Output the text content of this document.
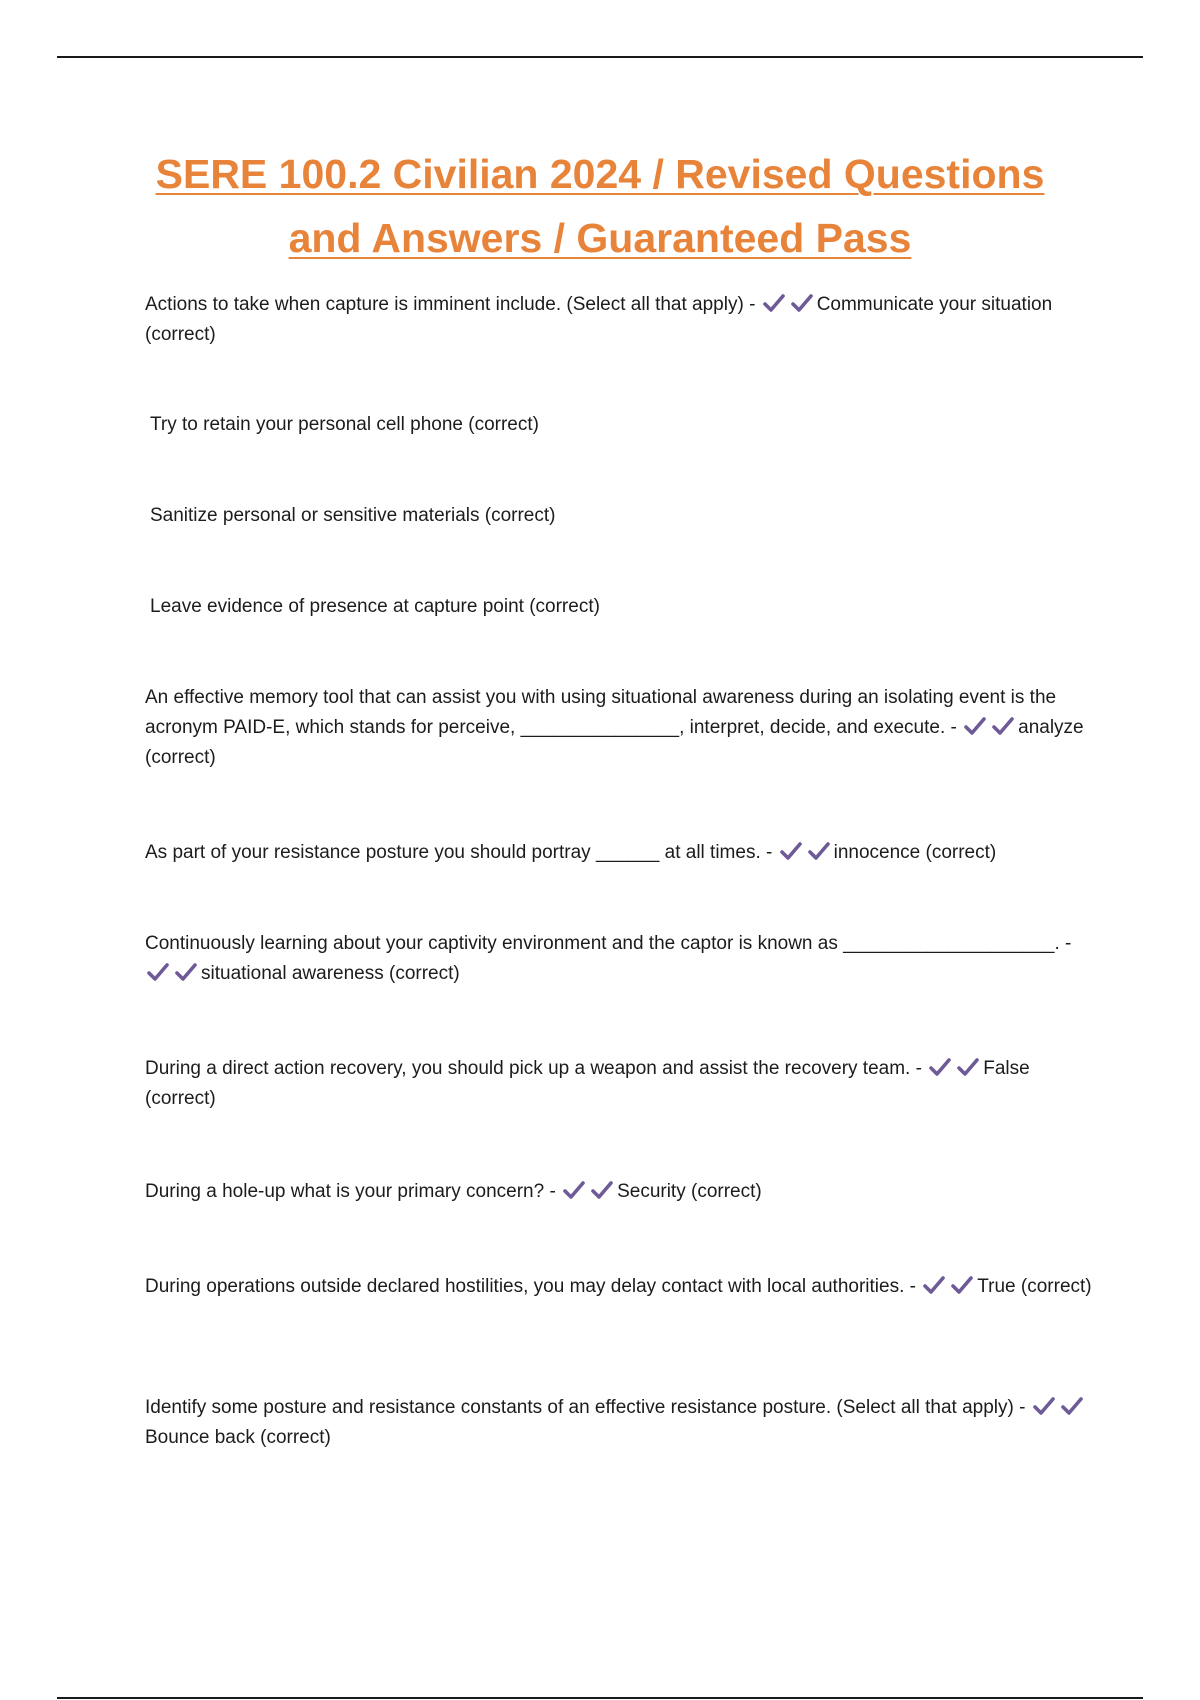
SERE 100.2 Civilian 2024 / Revised Questions
and Answers / Guaranteed Pass
Actions to take when capture is imminent include. (Select all that apply) -	Communicate your situation (correct)
Try to retain your personal cell phone (correct)
Sanitize personal or sensitive materials (correct)
Leave evidence of presence at capture point (correct)
An effective memory tool that can assist you with using situational awareness during an isolating event is the acronym PAID-E, which stands for perceive, _______________, interpret, decide, and execute. -	analyze (correct)
As part of your resistance posture you should portray ______ at all times. -	innocence (correct)
Continuously learning about your captivity environment and the captor is known as ____________________. -
situational awareness (correct)
During a direct action recovery, you should pick up a weapon and assist the recovery team. -	False (correct)
During a hole-up what is your primary concern? -	Security (correct)
During operations outside declared hostilities, you may delay contact with local authorities. -	True (correct)
Identify some posture and resistance constants of an effective resistance posture. (Select all that apply) -
Bounce back (correct)
